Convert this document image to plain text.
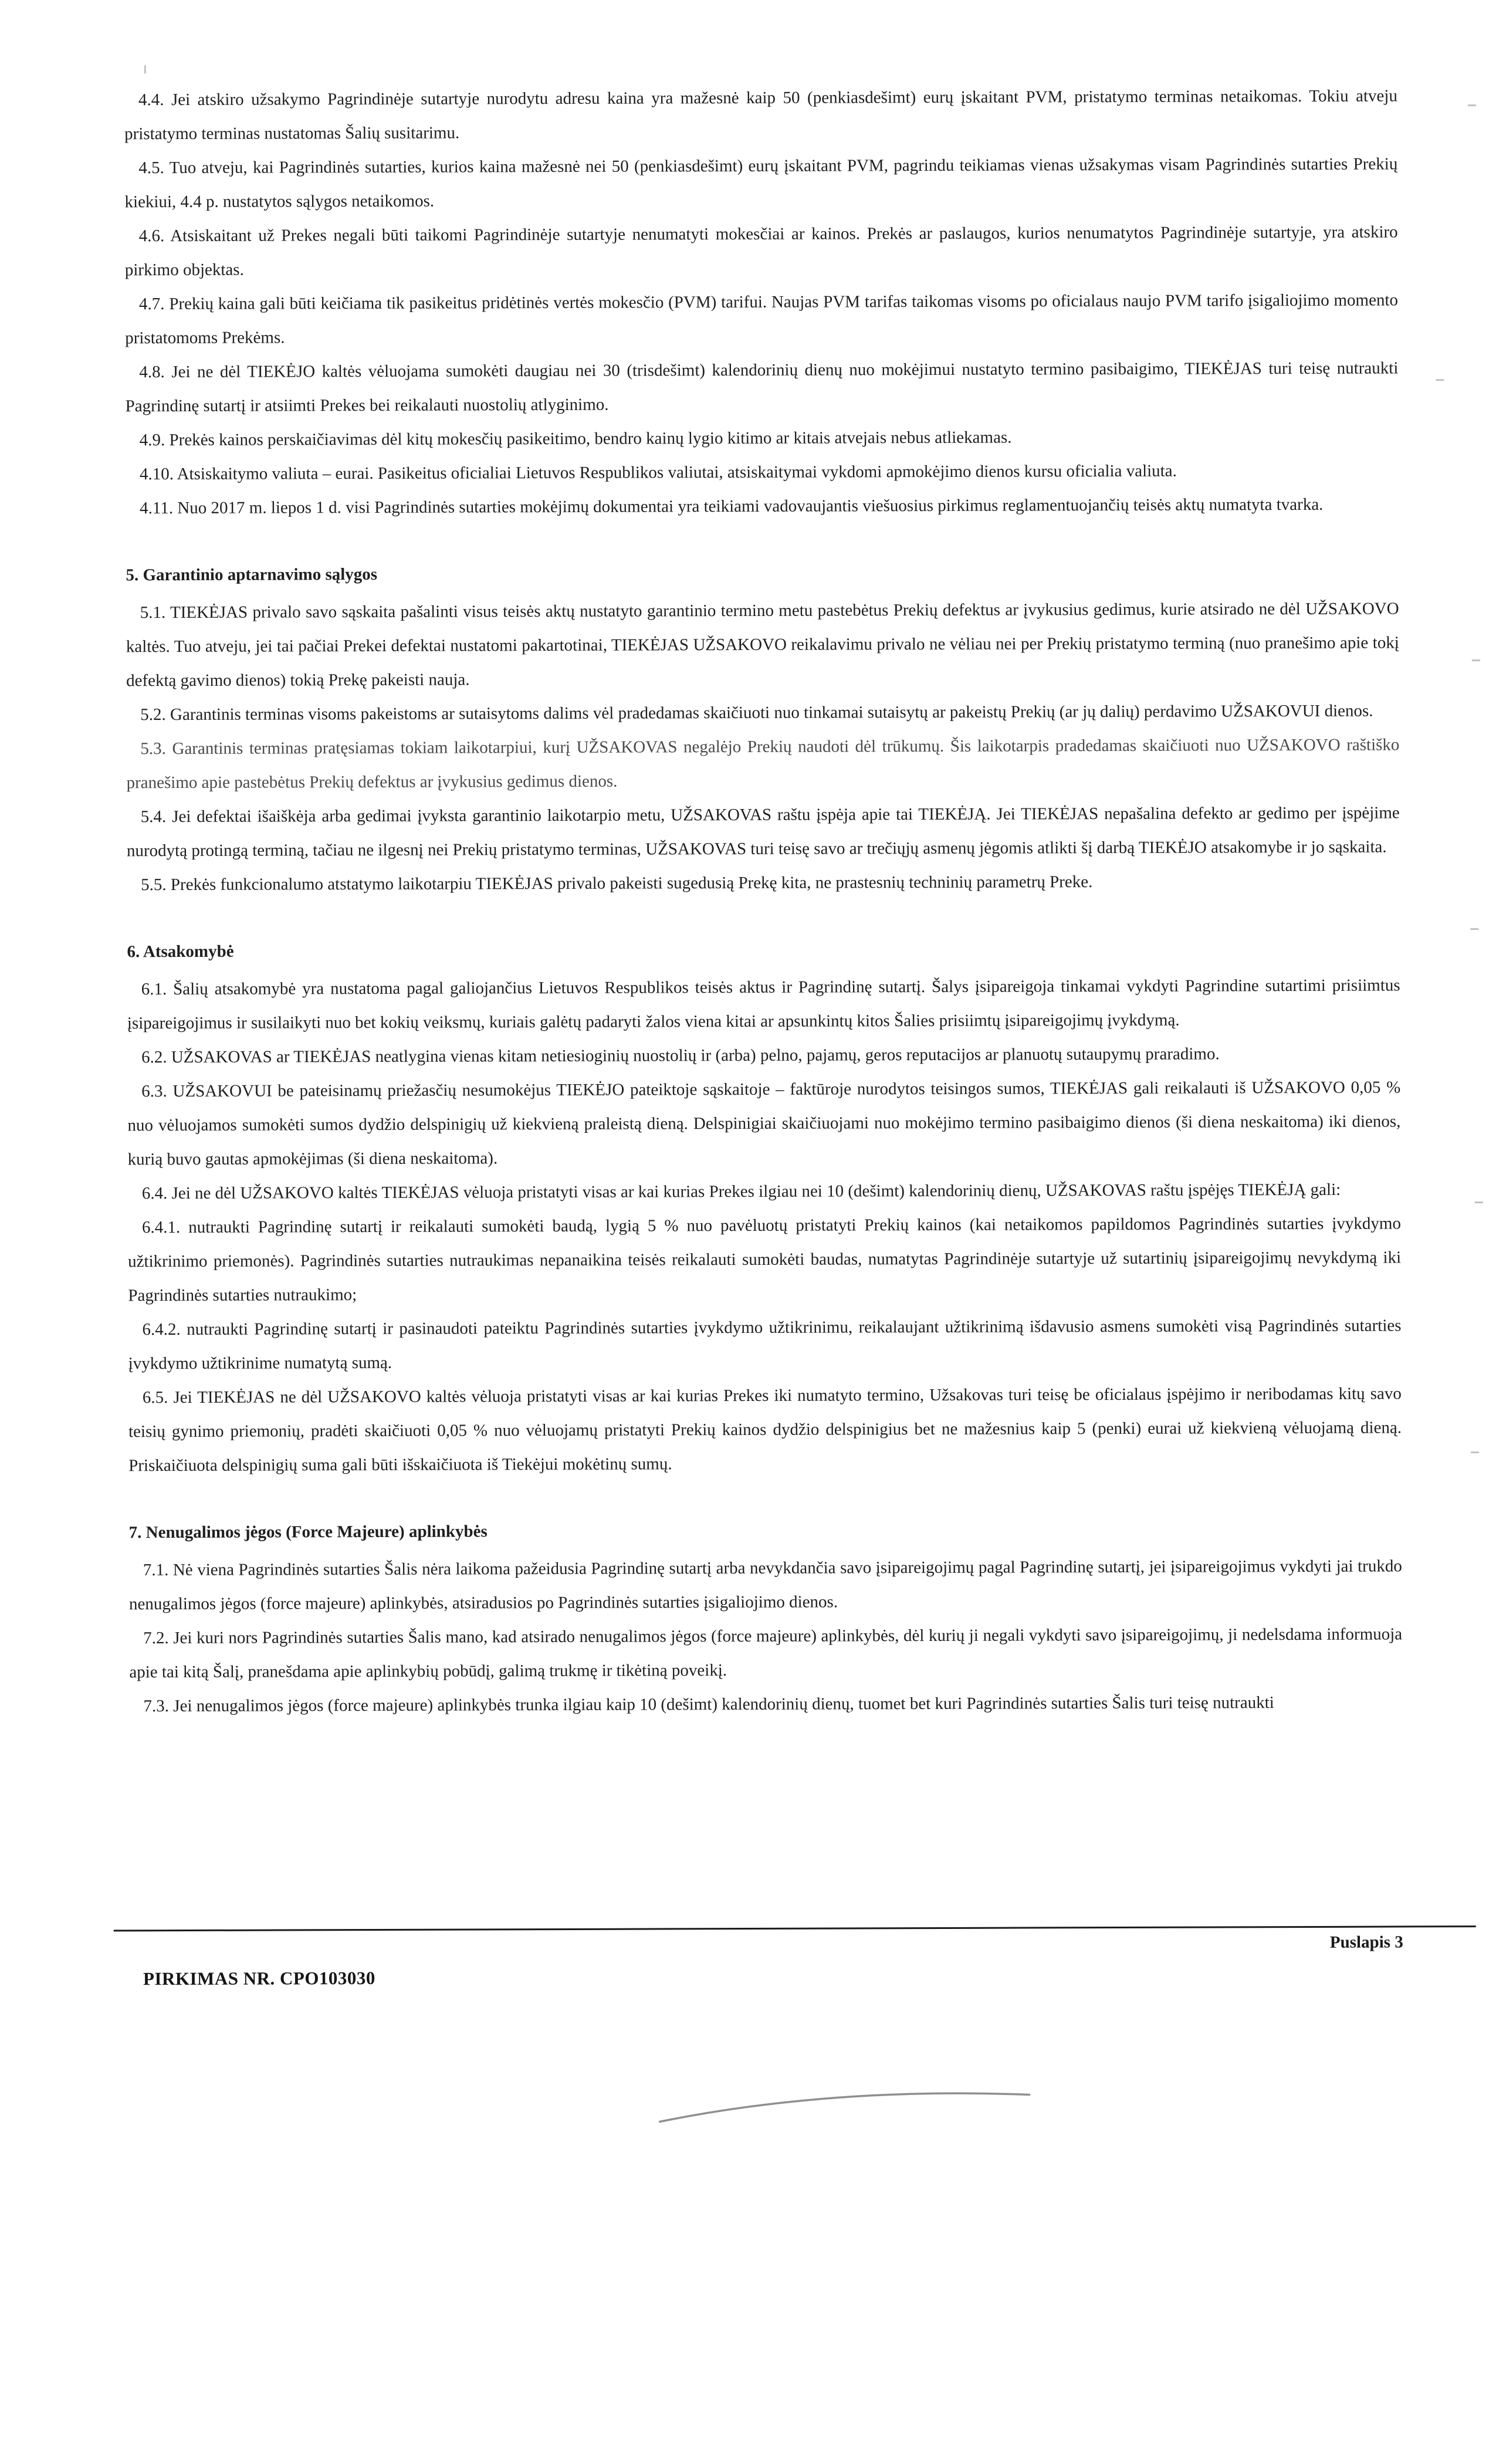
4.4. Jei atskiro užsakymo Pagrindinėje sutartyje nurodytu adresu kaina yra mažesnė kaip 50 (penkiasdešimt) eurų įskaitant PVM, pristatymo terminas netaikomas. Tokiu atveju pristatymo terminas nustatomas Šalių susitarimu.

4.5. Tuo atveju, kai Pagrindinės sutarties, kurios kaina mažesnė nei 50 (penkiasdešimt) eurų įskaitant PVM, pagrindu teikiamas vienas užsakymas visam Pagrindinės sutarties Prekių kiekiui, 4.4 p. nustatytos sąlygos netaikomos.

4.6. Atsiskaitant už Prekes negali būti taikomi Pagrindinėje sutartyje nenumatyti mokesčiai ar kainos. Prekės ar paslaugos, kurios nenumatytos Pagrindinėje sutartyje, yra atskiro pirkimo objektas.

4.7. Prekių kaina gali būti keičiama tik pasikeitus pridėtinės vertės mokesčio (PVM) tarifui. Naujas PVM tarifas taikomas visoms po oficialaus naujo PVM tarifo įsigaliojimo momento pristatomoms Prekėms.

4.8. Jei ne dėl TIEKĖJO kaltės vėluojama sumokėti daugiau nei 30 (trisdešimt) kalendorinių dienų nuo mokėjimui nustatyto termino pasibaigimo, TIEKĖJAS turi teisę nutraukti Pagrindinę sutartį ir atsiimti Prekes bei reikalauti nuostolių atlyginimo.

4.9. Prekės kainos perskaičiavimas dėl kitų mokesčių pasikeitimo, bendro kainų lygio kitimo ar kitais atvejais nebus atliekamas.

4.10. Atsiskaitymo valiuta – eurai. Pasikeitus oficialiai Lietuvos Respublikos valiutai, atsiskaitymai vykdomi apmokėjimo dienos kursu oficialia valiuta.

4.11. Nuo 2017 m. liepos 1 d. visi Pagrindinės sutarties mokėjimų dokumentai yra teikiami vadovaujantis viešuosius pirkimus reglamentuojančių teisės aktų numatyta tvarka.

5. Garantinio aptarnavimo sąlygos

5.1. TIEKĖJAS privalo savo sąskaita pašalinti visus teisės aktų nustatyto garantinio termino metu pastebėtus Prekių defektus ar įvykusius gedimus, kurie atsirado ne dėl UŽSAKOVO kaltės. Tuo atveju, jei tai pačiai Prekei defektai nustatomi pakartotinai, TIEKĖJAS UŽSAKOVO reikalavimu privalo ne vėliau nei per Prekių pristatymo terminą (nuo pranešimo apie tokį defektą gavimo dienos) tokią Prekę pakeisti nauja.

5.2. Garantinis terminas visoms pakeistoms ar sutaisytoms dalims vėl pradedamas skaičiuoti nuo tinkamai sutaisytų ar pakeistų Prekių (ar jų dalių) perdavimo UŽSAKOVUI dienos.

5.3. Garantinis terminas pratęsiamas tokiam laikotarpiui, kurį UŽSAKOVAS negalėjo Prekių naudoti dėl trūkumų. Šis laikotarpis pradedamas skaičiuoti nuo UŽSAKOVO raštiško pranešimo apie pastebėtus Prekių defektus ar įvykusius gedimus dienos.

5.4. Jei defektai išaiškėja arba gedimai įvyksta garantinio laikotarpio metu, UŽSAKOVAS raštu įspėja apie tai TIEKĖJĄ. Jei TIEKĖJAS nepašalina defekto ar gedimo per įspėjime nurodytą protingą terminą, tačiau ne ilgesnį nei Prekių pristatymo terminas, UŽSAKOVAS turi teisę savo ar trečiųjų asmenų jėgomis atlikti šį darbą TIEKĖJO atsakomybe ir jo sąskaita.

5.5. Prekės funkcionalumo atstatymo laikotarpiu TIEKĖJAS privalo pakeisti sugedusią Prekę kita, ne prastesnių techninių parametrų Preke.

6. Atsakomybė

6.1. Šalių atsakomybė yra nustatoma pagal galiojančius Lietuvos Respublikos teisės aktus ir Pagrindinę sutartį. Šalys įsipareigoja tinkamai vykdyti Pagrindine sutartimi prisiimtus įsipareigojimus ir susilaikyti nuo bet kokių veiksmų, kuriais galėtų padaryti žalos viena kitai ar apsunkintų kitos Šalies prisiimtų įsipareigojimų įvykdymą.

6.2. UŽSAKOVAS ar TIEKĖJAS neatlygina vienas kitam netiesioginių nuostolių ir (arba) pelno, pajamų, geros reputacijos ar planuotų sutaupymų praradimo.

6.3. UŽSAKOVUI be pateisinamų priežasčių nesumokėjus TIEKĖJO pateiktoje sąskaitoje – faktūroje nurodytos teisingos sumos, TIEKĖJAS gali reikalauti iš UŽSAKOVO 0,05 % nuo vėluojamos sumokėti sumos dydžio delspinigių už kiekvieną praleistą dieną. Delspinigiai skaičiuojami nuo mokėjimo termino pasibaigimo dienos (ši diena neskaitoma) iki dienos, kurią buvo gautas apmokėjimas (ši diena neskaitoma).

6.4. Jei ne dėl UŽSAKOVO kaltės TIEKĖJAS vėluoja pristatyti visas ar kai kurias Prekes ilgiau nei 10 (dešimt) kalendorinių dienų, UŽSAKOVAS raštu įspėjęs TIEKĖJĄ gali:

6.4.1. nutraukti Pagrindinę sutartį ir reikalauti sumokėti baudą, lygią 5 % nuo pavėluotų pristatyti Prekių kainos (kai netaikomos papildomos Pagrindinės sutarties įvykdymo užtikrinimo priemonės). Pagrindinės sutarties nutraukimas nepanaikina teisės reikalauti sumokėti baudas, numatytas Pagrindinėje sutartyje už sutartinių įsipareigojimų nevykdymą iki Pagrindinės sutarties nutraukimo;

6.4.2. nutraukti Pagrindinę sutartį ir pasinaudoti pateiktu Pagrindinės sutarties įvykdymo užtikrinimu, reikalaujant užtikrinimą išdavusio asmens sumokėti visą Pagrindinės sutarties įvykdymo užtikrinime numatytą sumą.

6.5. Jei TIEKĖJAS ne dėl UŽSAKOVO kaltės vėluoja pristatyti visas ar kai kurias Prekes iki numatyto termino, Užsakovas turi teisę be oficialaus įspėjimo ir neribodamas kitų savo teisių gynimo priemonių, pradėti skaičiuoti 0,05 % nuo vėluojamų pristatyti Prekių kainos dydžio delspinigius bet ne mažesnius kaip 5 (penki) eurai už kiekvieną vėluojamą dieną. Priskaičiuota delspinigių suma gali būti išskaičiuota iš Tiekėjui mokėtinų sumų.

7. Nenugalimos jėgos (Force Majeure) aplinkybės

7.1. Nė viena Pagrindinės sutarties Šalis nėra laikoma pažeidusia Pagrindinę sutartį arba nevykdančia savo įsipareigojimų pagal Pagrindinę sutartį, jei įsipareigojimus vykdyti jai trukdo nenugalimos jėgos (force majeure) aplinkybės, atsiradusios po Pagrindinės sutarties įsigaliojimo dienos.

7.2. Jei kuri nors Pagrindinės sutarties Šalis mano, kad atsirado nenugalimos jėgos (force majeure) aplinkybės, dėl kurių ji negali vykdyti savo įsipareigojimų, ji nedelsdama informuoja apie tai kitą Šalį, pranešdama apie aplinkybių pobūdį, galimą trukmę ir tikėtiną poveikį.

7.3. Jei nenugalimos jėgos (force majeure) aplinkybės trunka ilgiau kaip 10 (dešimt) kalendorinių dienų, tuomet bet kuri Pagrindinės sutarties Šalis turi teisę nutraukti

Puslapis 3
PIRKIMAS NR. CPO103030
